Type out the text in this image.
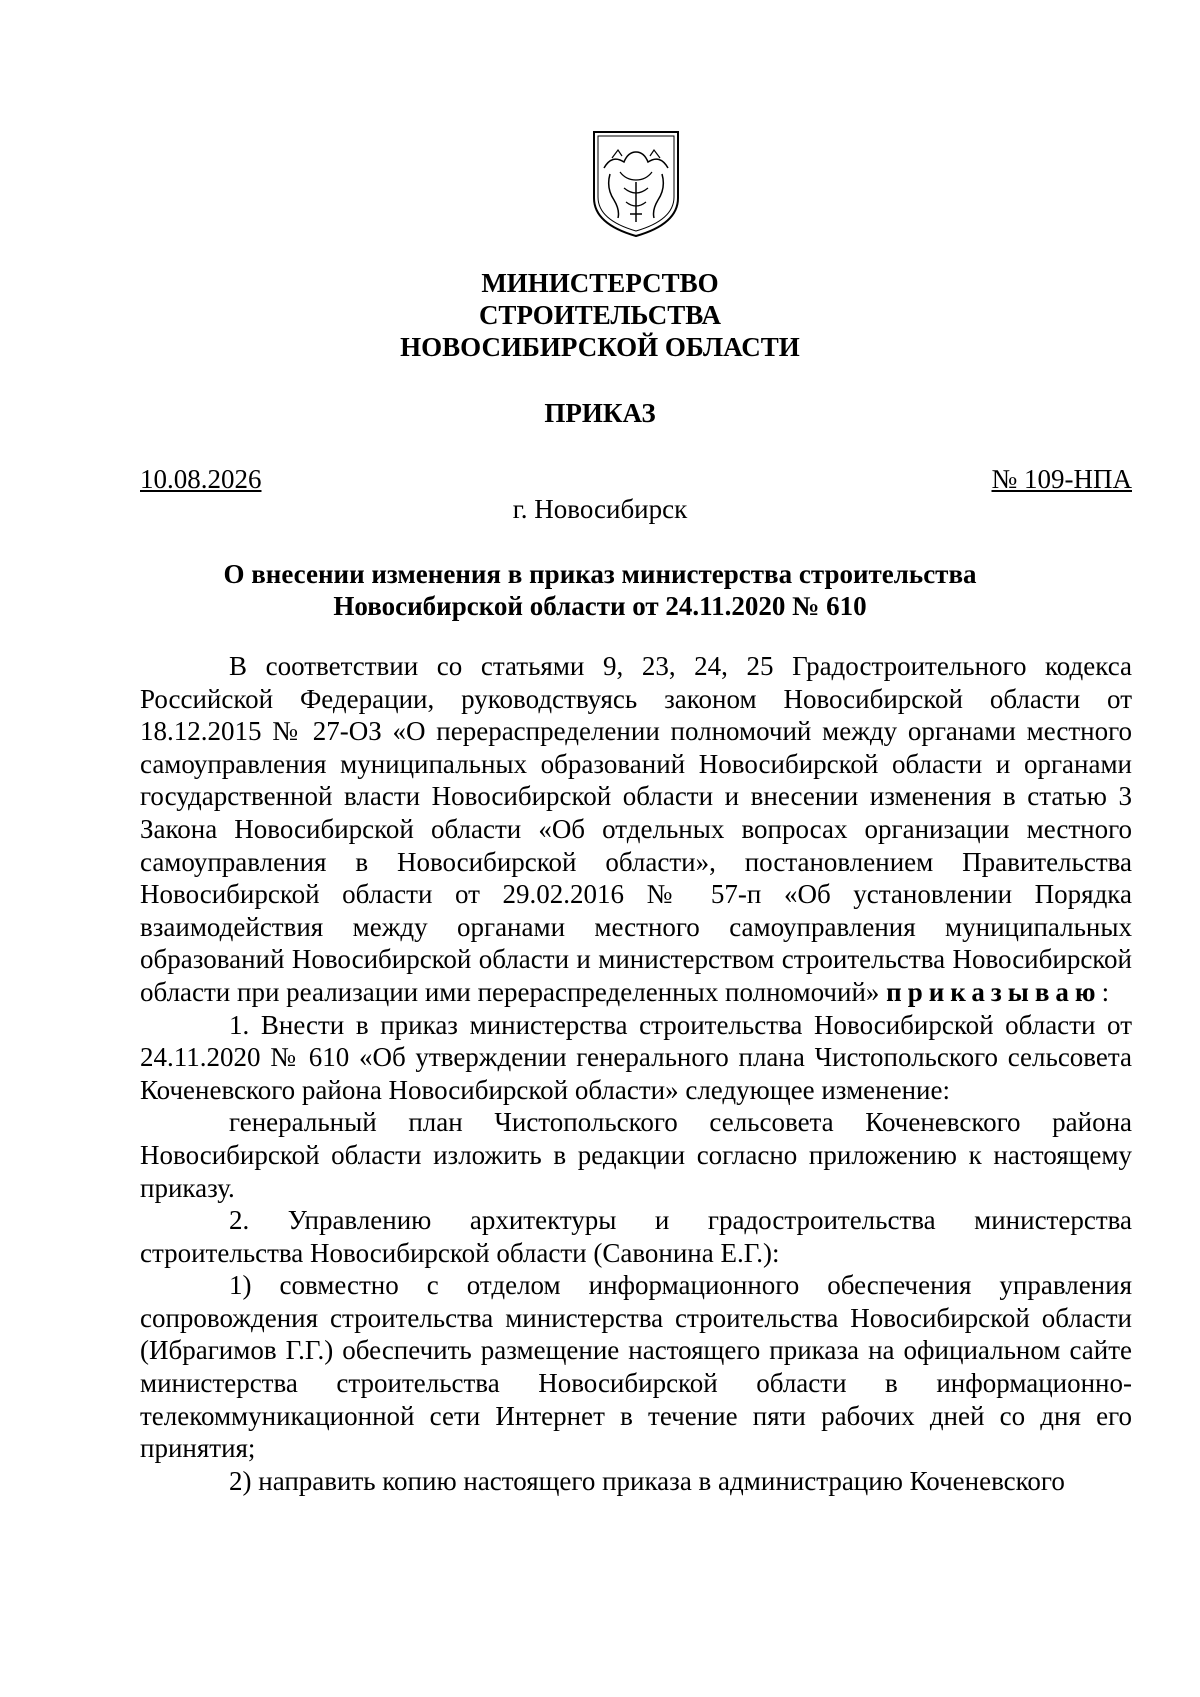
МИНИСТЕРСТВО
СТРОИТЕЛЬСТВА
НОВОСИБИРСКОЙ ОБЛАСТИ
ПРИКАЗ
10.08.2026	№ 109-НПА
г. Новосибирск
О внесении изменения в приказ министерства строительства
Новосибирской области от 24.11.2020 № 610

В соответствии со статьями 9, 23, 24, 25 Градостроительного кодекса Российской Федерации, руководствуясь законом Новосибирской области от 18.12.2015 № 27-ОЗ «О перераспределении полномочий между органами местного самоуправления муниципальных образований Новосибирской области и органами государственной власти Новосибирской области и внесении изменения в статью 3 Закона Новосибирской области «Об отдельных вопросах организации местного самоуправления в Новосибирской области», постановлением Правительства Новосибирской области от 29.02.2016 № 57-п «Об установлении Порядка взаимодействия между органами местного самоуправления муниципальных образований Новосибирской области и министерством строительства Новосибирской области при реализации ими перераспределенных полномочий» приказываю:

1. Внести в приказ министерства строительства Новосибирской области от 24.11.2020 № 610 «Об утверждении генерального плана Чистопольского сельсовета Коченевского района Новосибирской области» следующее изменение:

генеральный план Чистопольского сельсовета Коченевского района Новосибирской области изложить в редакции согласно приложению к настоящему приказу.

2. Управлению архитектуры и градостроительства министерства строительства Новосибирской области (Савонина Е.Г.):

1) совместно с отделом информационного обеспечения управления сопровождения строительства министерства строительства Новосибирской области (Ибрагимов Г.Г.) обеспечить размещение настоящего приказа на официальном сайте министерства строительства Новосибирской области в информационно-телекоммуникационной сети Интернет в течение пяти рабочих дней со дня его принятия;

2) направить копию настоящего приказа в администрацию Коченевского
